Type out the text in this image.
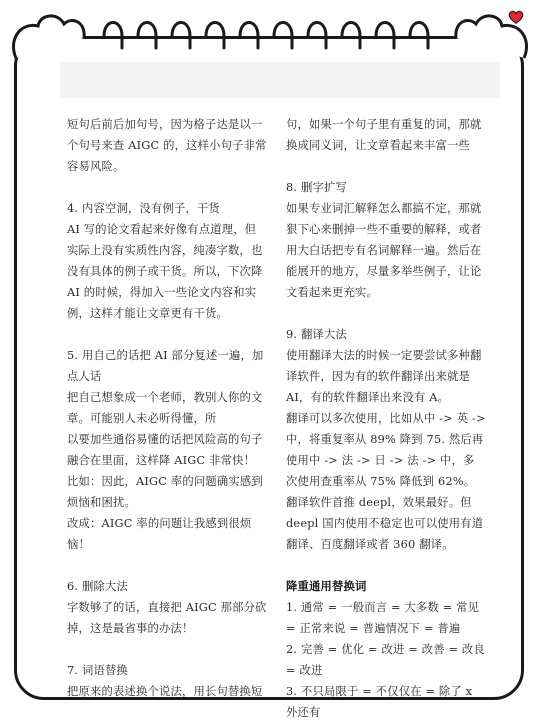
短句后前后加句号，因为格子达是以一个句号来查 AIGC 的，这样小句子非常容易风险。

4. 内容空洞，没有例子，干货

AI 写的论文看起来好像有点道理，但实际上没有实质性内容，纯凑字数，也没有具体的例子或干货。所以，下次降 AI 的时候，得加入一些论文内容和实例，这样才能让文章更有干货。

5. 用自己的话把 AI 部分复述一遍，加点人话

把自己想象成一个老师，教别人你的文章。可能别人未必听得懂，所

以要加些通俗易懂的话把风险高的句子融合在里面，这样降 AIGC 非常快！

比如：因此，AIGC 率的问题确实感到烦恼和困扰。

改成：AIGC 率的问题让我感到很烦恼！

6. 删除大法

字数够了的话，直接把 AIGC 那部分砍掉，这是最省事的办法！

7. 词语替换

把原来的表述换个说法，用长句替换短

句，如果一个句子里有重复的词，那就换成同义词，让文章看起来丰富一些

8. 删字扩写

如果专业词汇解释怎么都搞不定，那就狠下心来删掉一些不重要的解释，或者用大白话把专有名词解释一遍。然后在能展开的地方，尽量多举些例子，让论文看起来更充实。

9. 翻译大法

使用翻译大法的时候一定要尝试多种翻译软件，因为有的软件翻译出来就是 AI，有的软件翻译出来没有 A。

翻译可以多次使用，比如从中 -> 英 -> 中，将重复率从 89% 降到 75. 然后再使用中 -> 法 -> 日 -> 法 -> 中，多次使用查重率从 75% 降低到 62%。翻译软件首推 deepl，效果最好。但 deepl 国内使用不稳定也可以使用有道翻译、百度翻译或者 360 翻译。

降重通用替换词

1. 通常 = 一般而言 = 大多数 = 常见 = 正常来说 = 普遍情况下 = 普遍

2. 完善 = 优化 = 改进 = 改善 = 改良 = 改进

3. 不只局限于 = 不仅仅在 = 除了 x 外还有
